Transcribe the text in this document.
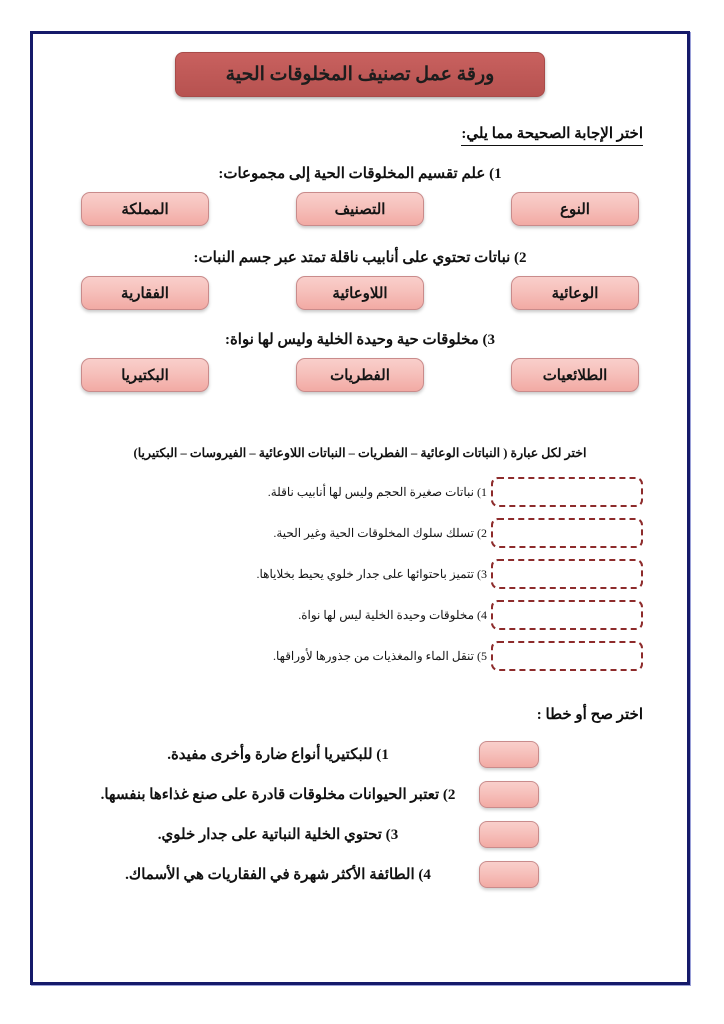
ورقة عمل تصنيف المخلوقات الحية
اختر الإجابة الصحيحة مما يلي:
1) علم تقسيم المخلوقات الحية إلى مجموعات:
النوع
التصنيف
المملكة
2) نباتات تحتوي على أنابيب ناقلة تمتد عبر جسم النبات:
الوعائية
اللاوعائية
الفقارية
3) مخلوقات حية وحيدة الخلية وليس لها نواة:
الطلائعيات
الفطريات
البكتيريا
اختر لكل عبارة ( النباتات الوعائية – الفطريات – النباتات اللاوعائية – الفيروسات – البكتيريا)
1) نباتات صغيرة الحجم وليس لها أنابيب ناقلة.
2) تسلك سلوك المخلوقات الحية وغير الحية.
3) تتميز باحتوائها على جدار خلوي يحيط بخلاياها.
4) مخلوقات وحيدة الخلية ليس لها نواة.
5) تنقل الماء والمغذيات من جذورها لأوراقها.
اختر صح أو خطا :
1) للبكتيريا أنواع ضارة وأخرى مفيدة.
2) تعتبر الحيوانات مخلوقات قادرة على صنع غذاءها بنفسها.
3) تحتوي الخلية النباتية على جدار خلوي.
4) الطائفة الأكثر شهرة في الفقاريات هي الأسماك.
